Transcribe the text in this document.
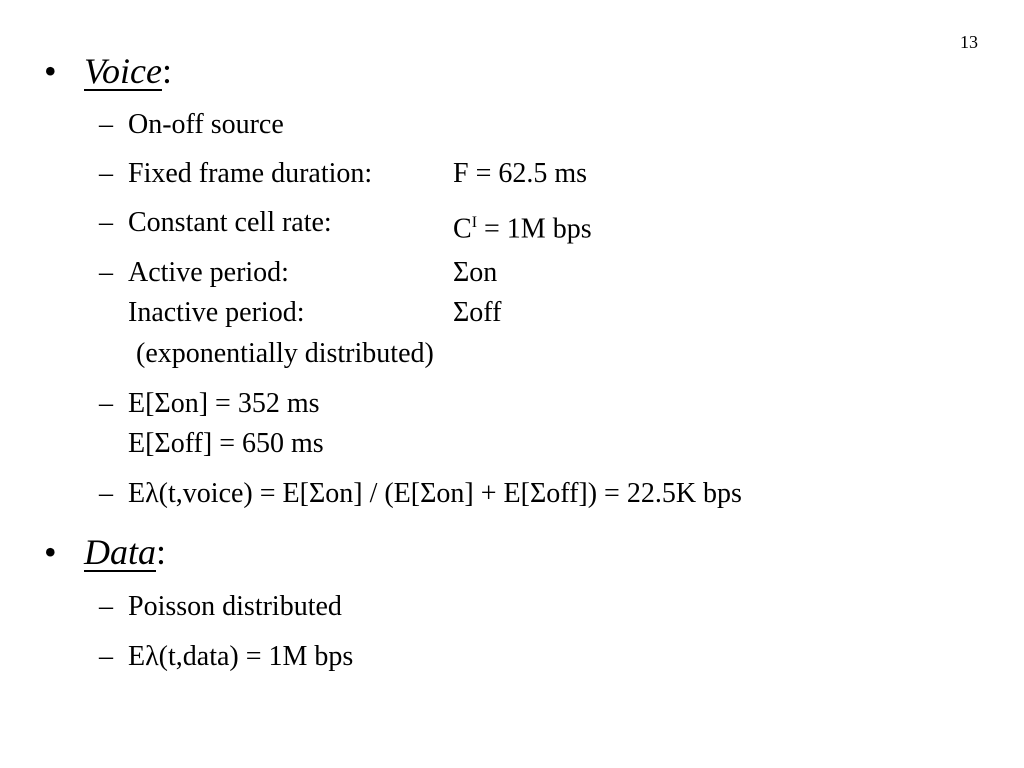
13
• Voice:
– On-off source
– Fixed frame duration:	F = 62.5 ms
– Constant cell rate:	$C^I = 1M$ bps
– Active period:	Σon
Inactive period:	Σoff
(exponentially distributed)
– E[Σon] = 352 ms
E[Σoff] = 650 ms
– Eλ(t,voice) = E[Σon] / (E[Σon] + E[Σoff]) = 22.5K bps
• Data:
– Poisson distributed
– Eλ(t,data) = 1M bps
